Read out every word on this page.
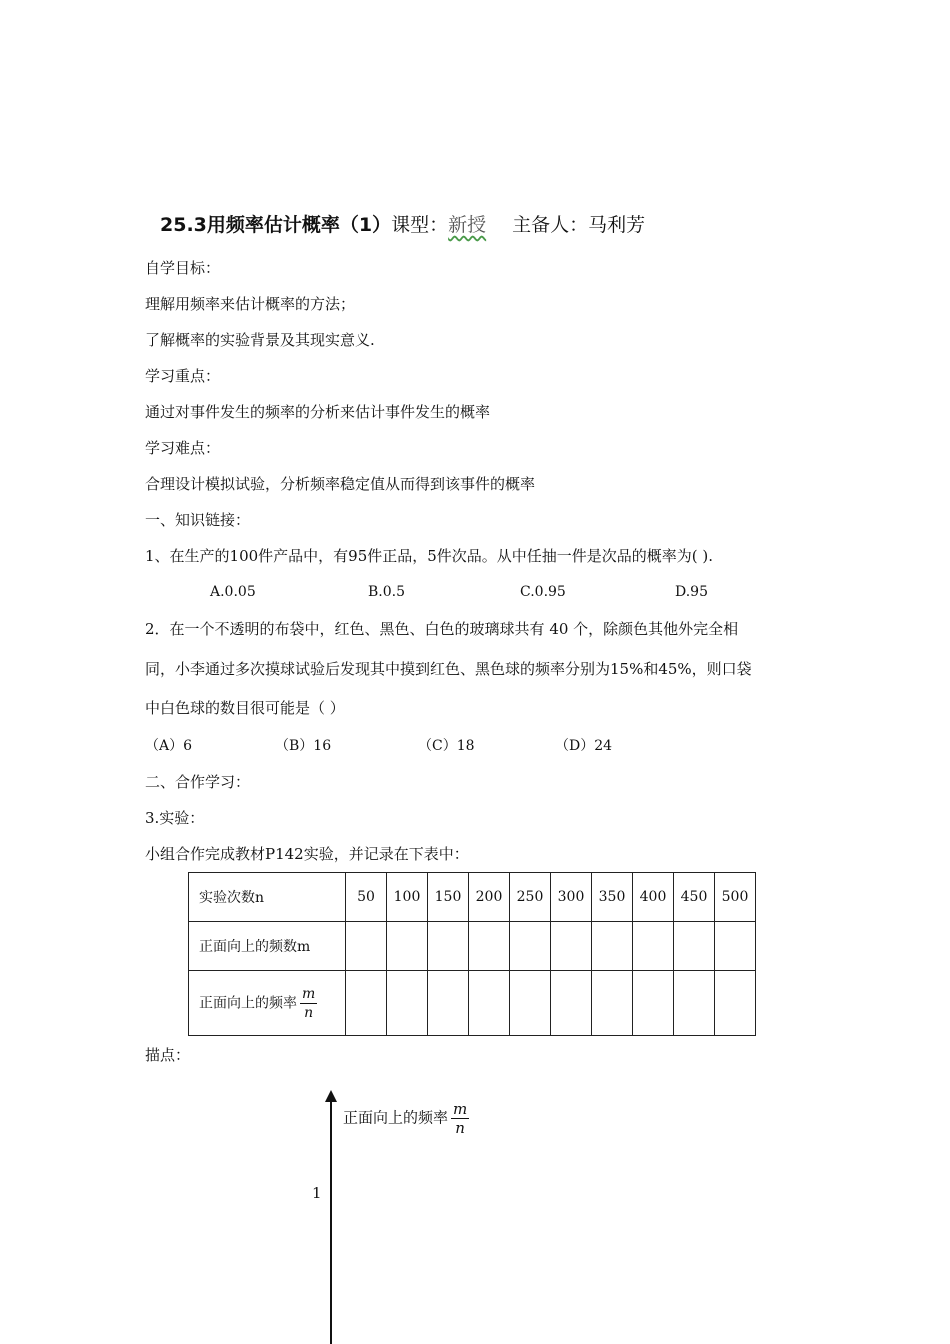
25.3用频率估计概率（1）课型：新授 主备人：马利芳
自学目标：
理解用频率来估计概率的方法；
了解概率的实验背景及其现实意义.
学习重点：
通过对事件发生的频率的分析来估计事件发生的概率
学习难点：
合理设计模拟试验，分析频率稳定值从而得到该事件的概率
一、知识链接：
1、在生产的100件产品中，有95件正品，5件次品。从中任抽一件是次品的概率为( ).
A.0.05	B.0.5	C.0.95	D.95
2．在一个不透明的布袋中，红色、黑色、白色的玻璃球共有 40 个，除颜色其他外完全相
同，小李通过多次摸球试验后发现其中摸到红色、黑色球的频率分别为15%和45%，则口袋
中白色球的数目很可能是（ ）
（A）6	（B）16	（C）18	（D）24
二、合作学习：
3.实验：
小组合作完成教材P142实验，并记录在下表中：
实验次数n	50	100	150	200	250	300	350	400	450	500
正面向上的频数m										
正面向上的频率 $\frac{m}{n}$

描点：
正面向上的频率 $\frac{m}{n}$
1
